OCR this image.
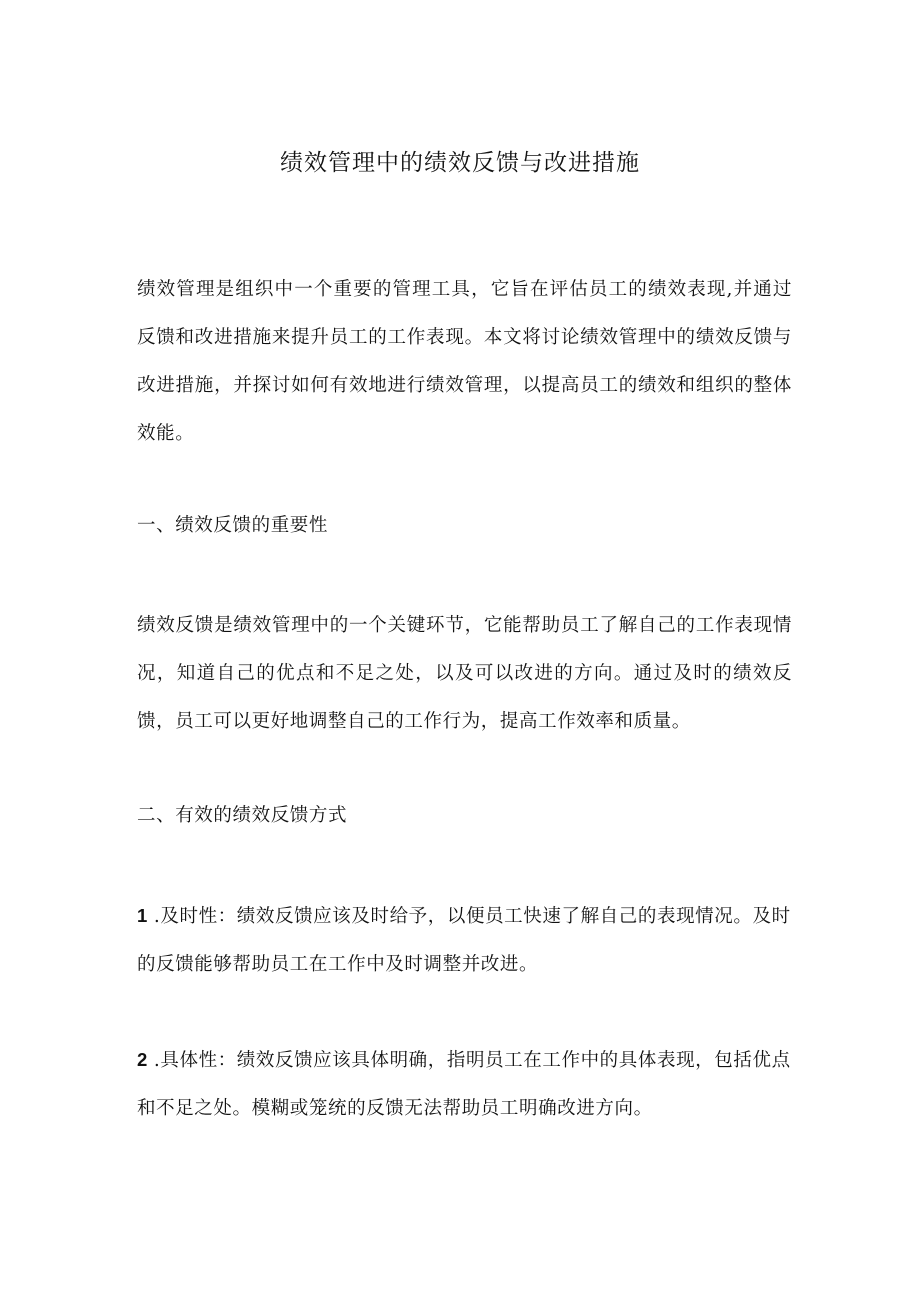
绩效管理中的绩效反馈与改进措施
绩效管理是组织中一个重要的管理工具，它旨在评估员工的绩效表现,并通过反馈和改进措施来提升员工的工作表现。本文将讨论绩效管理中的绩效反馈与改进措施，并探讨如何有效地进行绩效管理，以提高员工的绩效和组织的整体效能。
一、绩效反馈的重要性
绩效反馈是绩效管理中的一个关键环节，它能帮助员工了解自己的工作表现情况，知道自己的优点和不足之处，以及可以改进的方向。通过及时的绩效反馈，员工可以更好地调整自己的工作行为，提高工作效率和质量。
二、有效的绩效反馈方式
1 .及时性：绩效反馈应该及时给予，以便员工快速了解自己的表现情况。及时的反馈能够帮助员工在工作中及时调整并改进。
2 .具体性：绩效反馈应该具体明确，指明员工在工作中的具体表现，包括优点和不足之处。模糊或笼统的反馈无法帮助员工明确改进方向。
